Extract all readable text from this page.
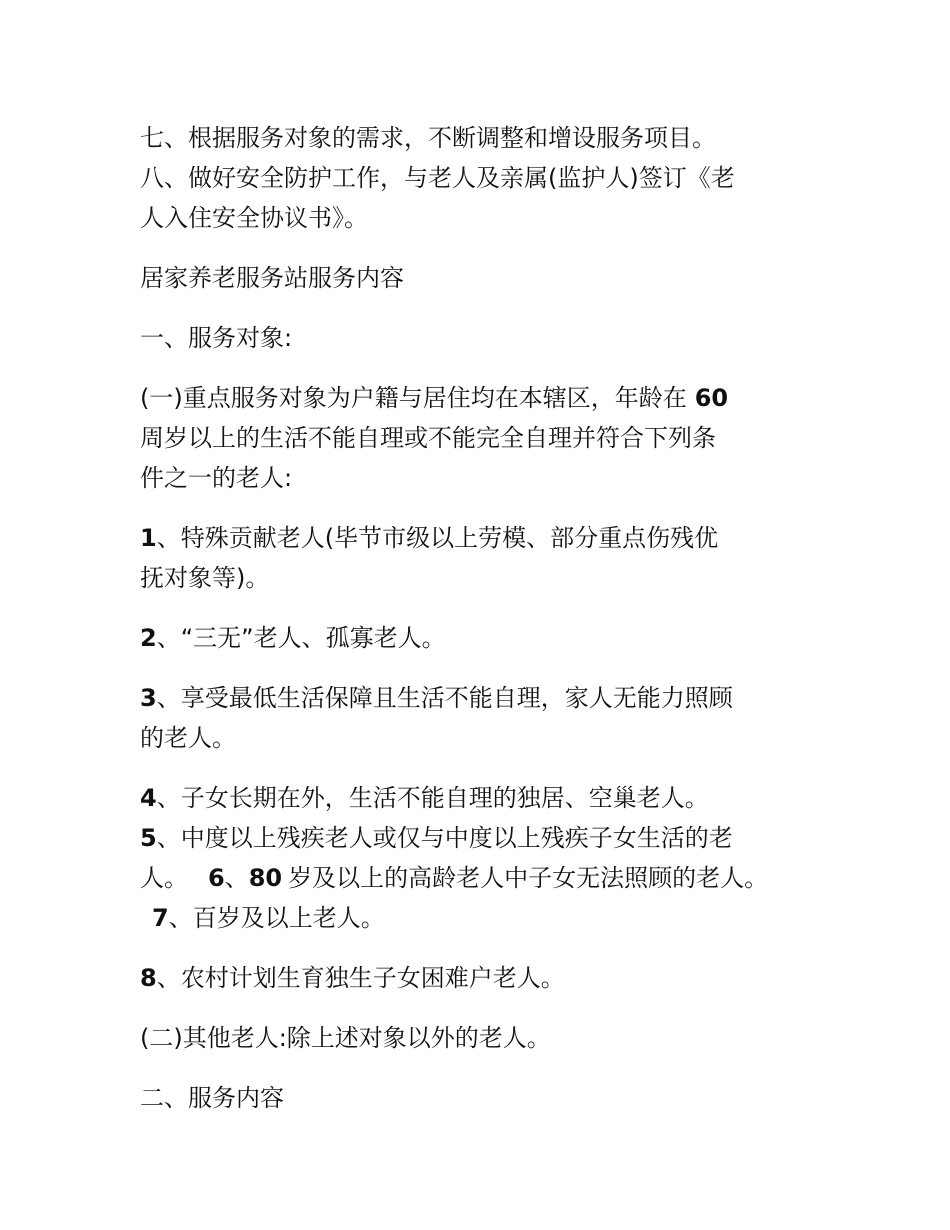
七、根据服务对象的需求，不断调整和增设服务项目。
八、做好安全防护工作，与老人及亲属(监护人)签订《老
人入住安全协议书》。
居家养老服务站服务内容
一、服务对象:
(一)重点服务对象为户籍与居住均在本辖区，年龄在 60
周岁以上的生活不能自理或不能完全自理并符合下列条
件之一的老人:
1、特殊贡献老人(毕节市级以上劳模、部分重点伤残优
抚对象等)。
2、“三无”老人、孤寡老人。
3、享受最低生活保障且生活不能自理，家人无能力照顾
的老人。
4、子女长期在外，生活不能自理的独居、空巢老人。
5、中度以上残疾老人或仅与中度以上残疾子女生活的老
人。 6、80 岁及以上的高龄老人中子女无法照顾的老人。
7、百岁及以上老人。
8、农村计划生育独生子女困难户老人。
(二)其他老人:除上述对象以外的老人。
二、服务内容
